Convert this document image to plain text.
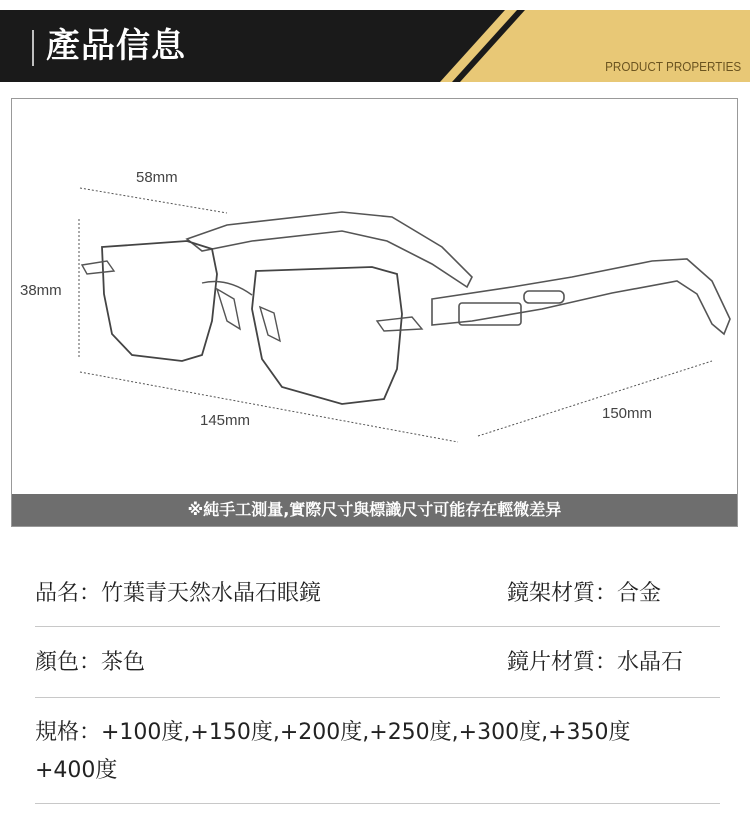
產品信息
PRODUCT PROPERTIES
58mm
38mm
145mm	150mm
※純手工測量,實際尺寸與標識尺寸可能存在輕微差异
品名：竹葉青天然水晶石眼鏡	鏡架材質：合金
顏色：茶色	鏡片材質：水晶石
規格：+100度,+150度,+200度,+250度,+300度,+350度
+400度
